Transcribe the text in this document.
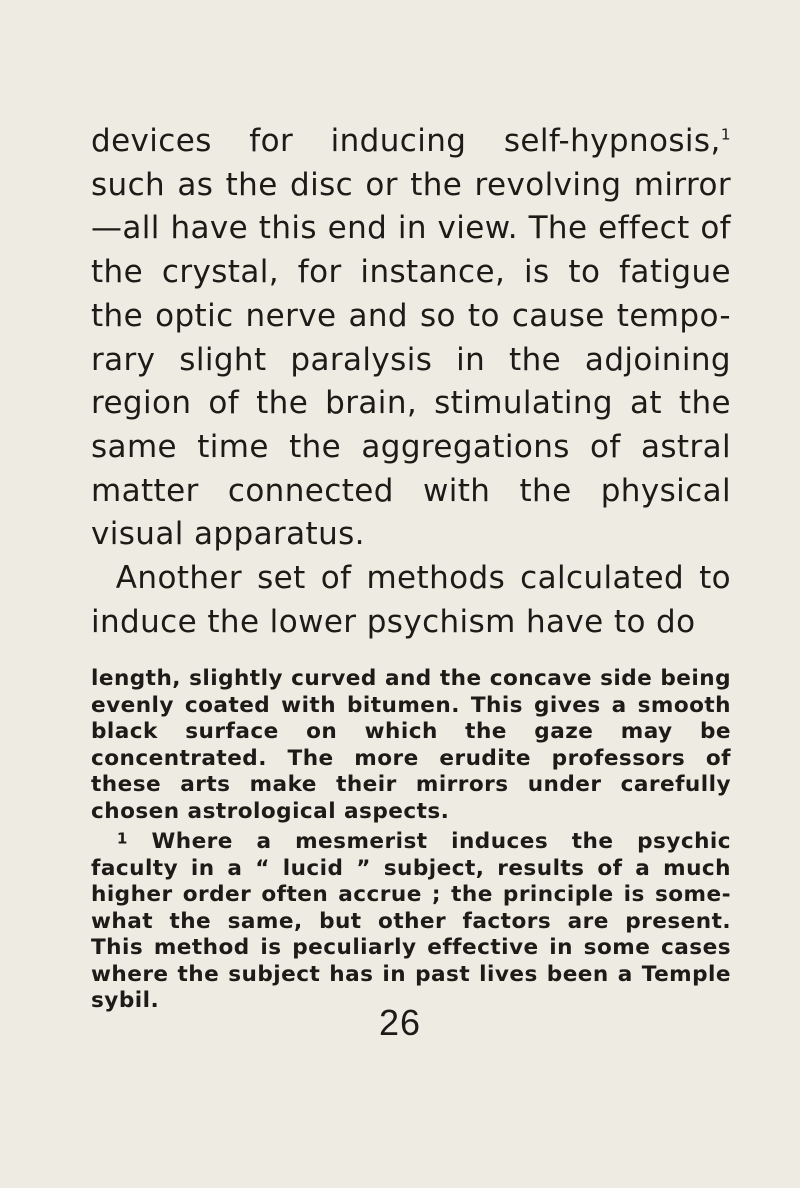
devices for inducing self-hypnosis,$^1$ such as the disc or the revolving mirror —all have this end in view. The effect of the crystal, for instance, is to fatigue the optic nerve and so to cause tempo-rary slight paralysis in the adjoining region of the brain, stimulating at the same time the aggregations of astral matter connected with the physical visual apparatus.

Another set of methods calculated to induce the lower psychism have to do

length, slightly curved and the concave side being evenly coated with bitumen. This gives a smooth black surface on which the gaze may be concentrated. The more erudite professors of these arts make their mirrors under carefully chosen astrological aspects.

$^1$ Where a mesmerist induces the psychic faculty in a “ lucid ” subject, results of a much higher order often accrue ; the principle is some-what the same, but other factors are present. This method is peculiarly effective in some cases where the subject has in past lives been a Temple sybil.

26
